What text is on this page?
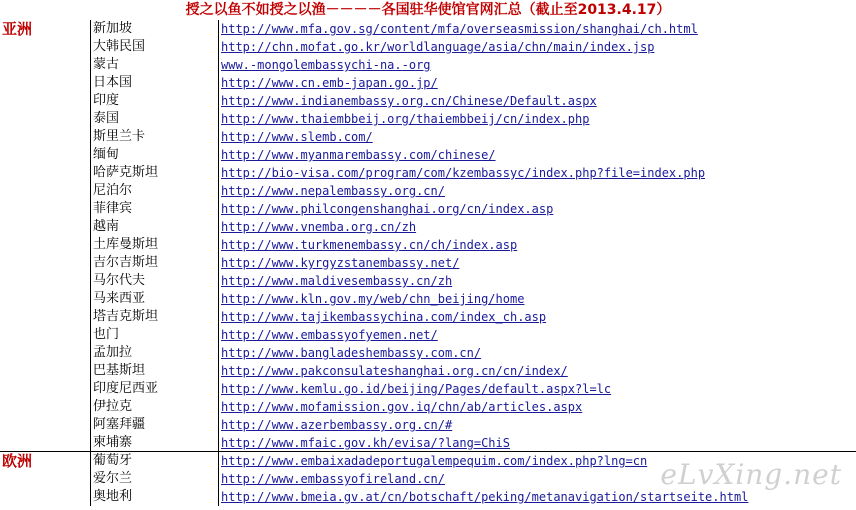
授之以鱼不如授之以渔－－－－各国驻华使馆官网汇总（截止至2013.4.17）
亚洲	新加坡	http://www.mfa.gov.sg/content/mfa/overseasmission/shanghai/ch.html
大韩民国	http://chn.mofat.go.kr/worldlanguage/asia/chn/main/index.jsp
蒙古	www.-mongolembassychi-na.-org
日本国	http://www.cn.emb-japan.go.jp/
印度	http://www.indianembassy.org.cn/Chinese/Default.aspx
泰国	http://www.thaiembbeij.org/thaiembbeij/cn/index.php
斯里兰卡	http://www.slemb.com/
缅甸	http://www.myanmarembassy.com/chinese/
哈萨克斯坦	http://bio-visa.com/program/com/kzembassyc/index.php?file=index.php
尼泊尔	http://www.nepalembassy.org.cn/
菲律宾	http://www.philcongenshanghai.org/cn/index.asp
越南	http://www.vnemba.org.cn/zh
土库曼斯坦	http://www.turkmenembassy.cn/ch/index.asp
吉尔吉斯坦	http://www.kyrgyzstanembassy.net/
马尔代夫	http://www.maldivesembassy.cn/zh
马来西亚	http://www.kln.gov.my/web/chn_beijing/home
塔吉克斯坦	http://www.tajikembassychina.com/index_ch.asp
也门	http://www.embassyofyemen.net/
孟加拉	http://www.bangladeshembassy.com.cn/
巴基斯坦	http://www.pakconsulateshanghai.org.cn/cn/index/
印度尼西亚	http://www.kemlu.go.id/beijing/Pages/default.aspx?l=lc
伊拉克	http://www.mofamission.gov.iq/chn/ab/articles.aspx
阿塞拜疆	http://www.azerbembassy.org.cn/#
柬埔寨	http://www.mfaic.gov.kh/evisa/?lang=ChiS
欧洲	葡萄牙	http://www.embaixadadeportugalempequim.com/index.php?lng=cn
爱尔兰	http://www.embassyofireland.cn/
奥地利	http://www.bmeia.gv.at/cn/botschaft/peking/metanavigation/startseite.html
eLvXing.net
